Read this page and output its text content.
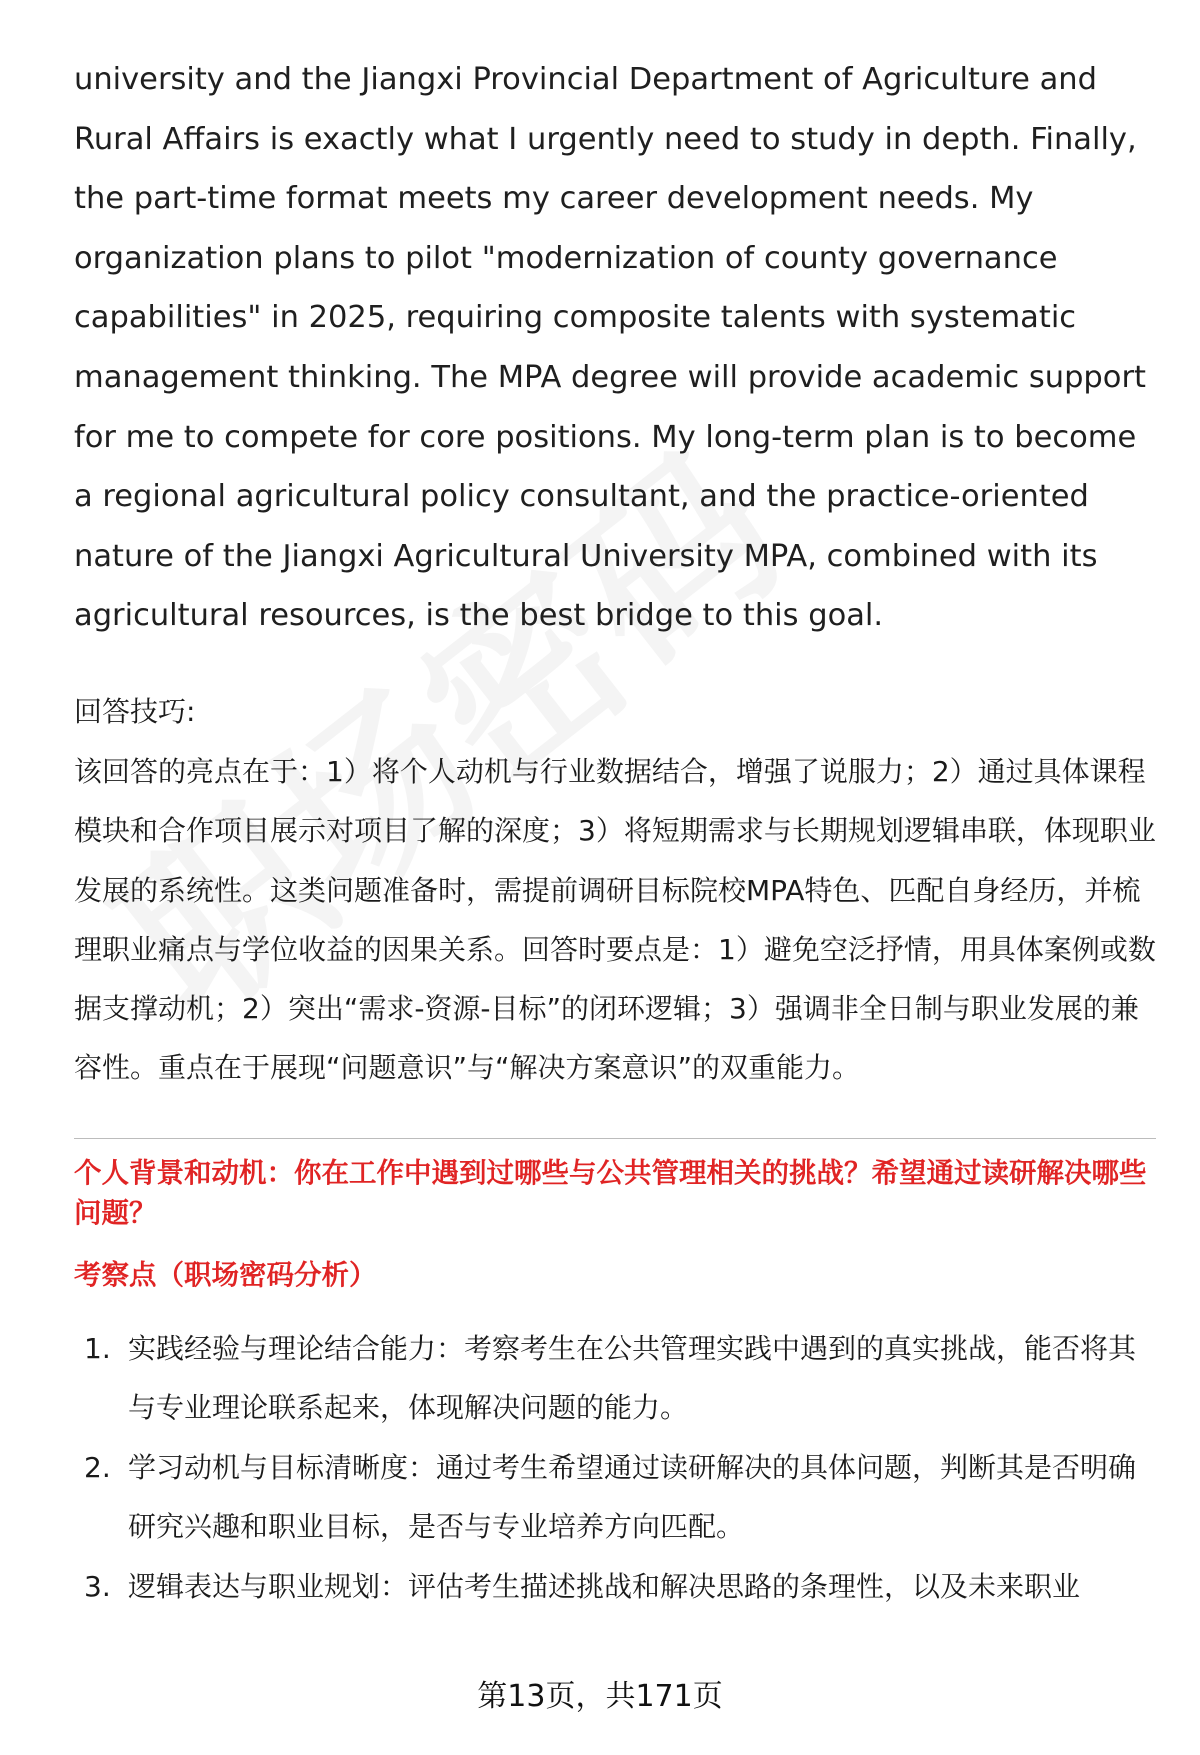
university and the Jiangxi Provincial Department of Agriculture and Rural Affairs is exactly what I urgently need to study in depth. Finally, the part-time format meets my career development needs. My organization plans to pilot "modernization of county governance capabilities" in 2025, requiring composite talents with systematic management thinking. The MPA degree will provide academic support for me to compete for core positions. My long-term plan is to become a regional agricultural policy consultant, and the practice-oriented nature of the Jiangxi Agricultural University MPA, combined with its agricultural resources, is the best bridge to this goal.

回答技巧:

该回答的亮点在于：1）将个人动机与行业数据结合，增强了说服力；2）通过具体课程模块和合作项目展示对项目了解的深度；3）将短期需求与长期规划逻辑串联，体现职业发展的系统性。这类问题准备时，需提前调研目标院校MPA特色、匹配自身经历，并梳理职业痛点与学位收益的因果关系。回答时要点是：1）避免空泛抒情，用具体案例或数据支撑动机；2）突出“需求-资源-目标”的闭环逻辑；3）强调非全日制与职业发展的兼容性。重点在于展现“问题意识”与“解决方案意识”的双重能力。

个人背景和动机：你在工作中遇到过哪些与公共管理相关的挑战？希望通过读研解决哪些问题？

考察点（职场密码分析）

1. 实践经验与理论结合能力：考察考生在公共管理实践中遇到的真实挑战，能否将其与专业理论联系起来，体现解决问题的能力。
2. 学习动机与目标清晰度：通过考生希望通过读研解决的具体问题，判断其是否明确研究兴趣和职业目标，是否与专业培养方向匹配。
3. 逻辑表达与职业规划：评估考生描述挑战和解决思路的条理性，以及未来职业
第13页，共171页
